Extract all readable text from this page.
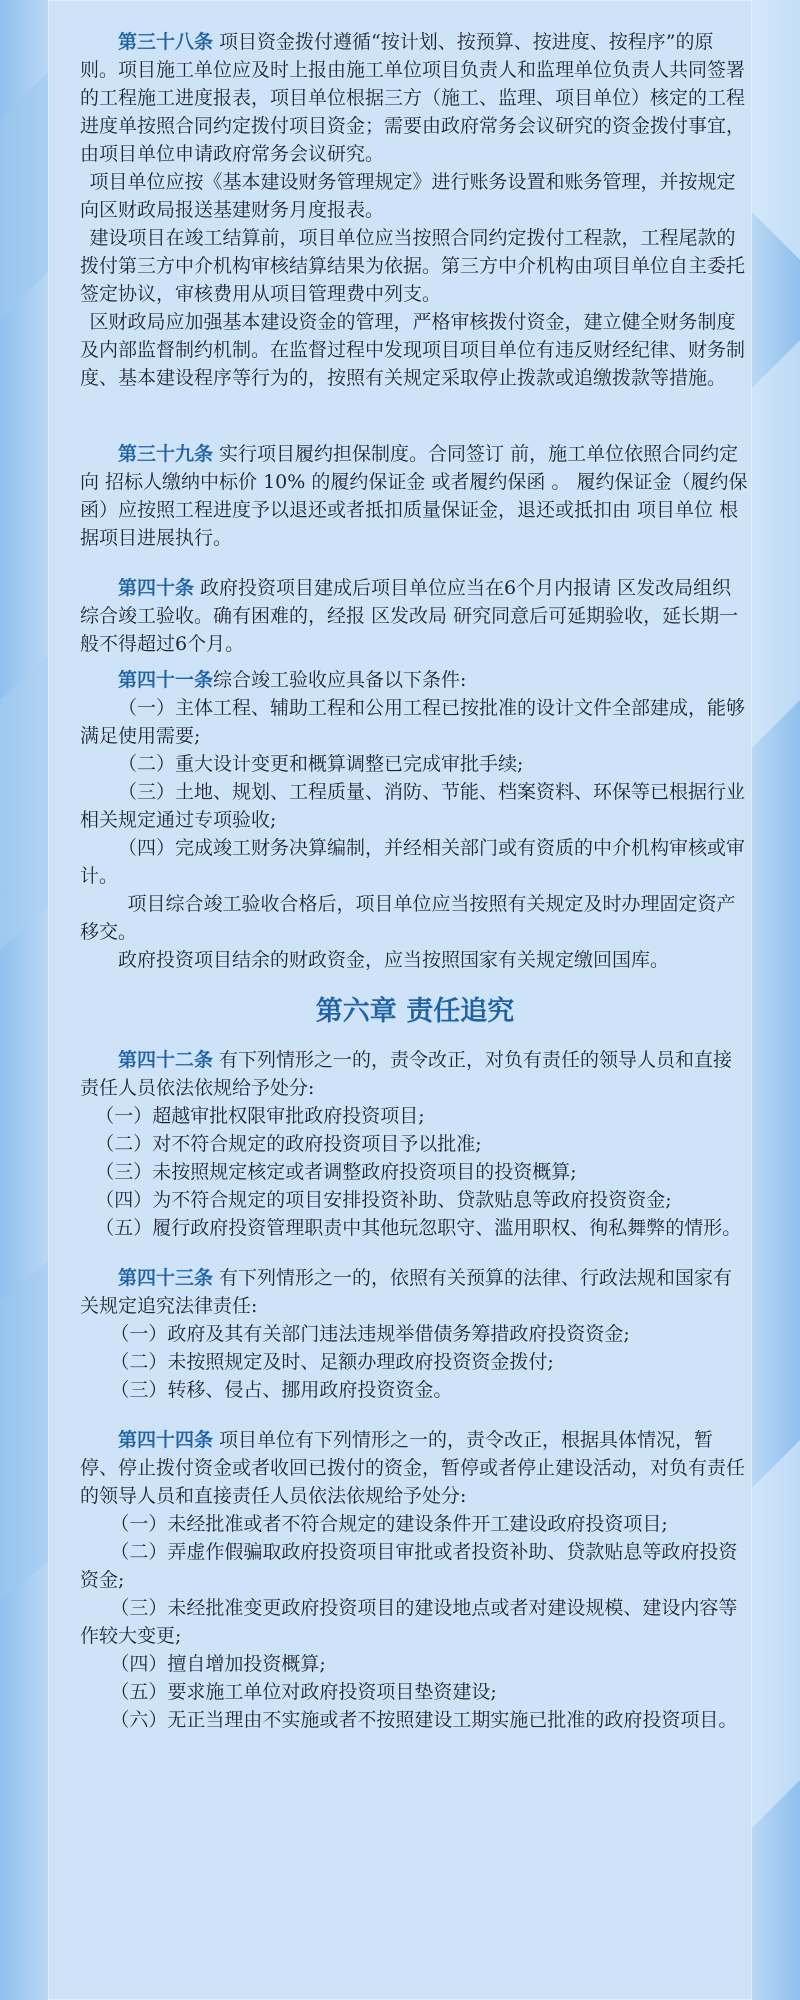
第三十八条 项目资金拨付遵循“按计划、按预算、按进度、按程序”的原则。项目施工单位应及时上报由施工单位项目负责人和监理单位负责人共同签署的工程施工进度报表，项目单位根据三方（施工、监理、项目单位）核定的工程进度单按照合同约定拨付项目资金；需要由政府常务会议研究的资金拨付事宜，由项目单位申请政府常务会议研究。

项目单位应按《基本建设财务管理规定》进行账务设置和账务管理，并按规定向区财政局报送基建财务月度报表。

建设项目在竣工结算前，项目单位应当按照合同约定拨付工程款，工程尾款的拨付第三方中介机构审核结算结果为依据。第三方中介机构由项目单位自主委托签定协议，审核费用从项目管理费中列支。

区财政局应加强基本建设资金的管理，严格审核拨付资金，建立健全财务制度及内部监督制约机制。在监督过程中发现项目项目单位有违反财经纪律、财务制度、基本建设程序等行为的，按照有关规定采取停止拨款或追缴拨款等措施。

第三十九条 实行项目履约担保制度。合同签订 前，施工单位依照合同约定向 招标人缴纳中标价 10% 的履约保证金 或者履约保函 。 履约保证金（履约保函）应按照工程进度予以退还或者抵扣质量保证金，退还或抵扣由 项目单位 根据项目进展执行。

第四十条 政府投资项目建成后项目单位应当在6个月内报请 区发改局组织 综合竣工验收。确有困难的，经报 区发改局 研究同意后可延期验收，延长期一般不得超过6个月。

第四十一条综合竣工验收应具备以下条件:

（一）主体工程、辅助工程和公用工程已按批准的设计文件全部建成，能够满足使用需要;

（二）重大设计变更和概算调整已完成审批手续;

（三）土地、规划、工程质量、消防、节能、档案资料、环保等已根据行业相关规定通过专项验收;

（四）完成竣工财务决算编制，并经相关部门或有资质的中介机构审核或审计。

项目综合竣工验收合格后，项目单位应当按照有关规定及时办理固定资产移交。

政府投资项目结余的财政资金，应当按照国家有关规定缴回国库。

第六章 责任追究

第四十二条 有下列情形之一的，责令改正，对负有责任的领导人员和直接责任人员依法依规给予处分:

（一）超越审批权限审批政府投资项目;

（二）对不符合规定的政府投资项目予以批准;

（三）未按照规定核定或者调整政府投资项目的投资概算;

（四）为不符合规定的项目安排投资补助、贷款贴息等政府投资资金;

（五）履行政府投资管理职责中其他玩忽职守、滥用职权、徇私舞弊的情形。

第四十三条 有下列情形之一的，依照有关预算的法律、行政法规和国家有关规定追究法律责任:

（一）政府及其有关部门违法违规举借债务筹措政府投资资金;

（二）未按照规定及时、足额办理政府投资资金拨付;

（三）转移、侵占、挪用政府投资资金。

第四十四条 项目单位有下列情形之一的，责令改正，根据具体情况，暂停、停止拨付资金或者收回已拨付的资金，暂停或者停止建设活动，对负有责任的领导人员和直接责任人员依法依规给予处分:

（一）未经批准或者不符合规定的建设条件开工建设政府投资项目;

（二）弄虚作假骗取政府投资项目审批或者投资补助、贷款贴息等政府投资资金;

（三）未经批准变更政府投资项目的建设地点或者对建设规模、建设内容等作较大变更;

（四）擅自增加投资概算;

（五）要求施工单位对政府投资项目垫资建设;

（六）无正当理由不实施或者不按照建设工期实施已批准的政府投资项目。
